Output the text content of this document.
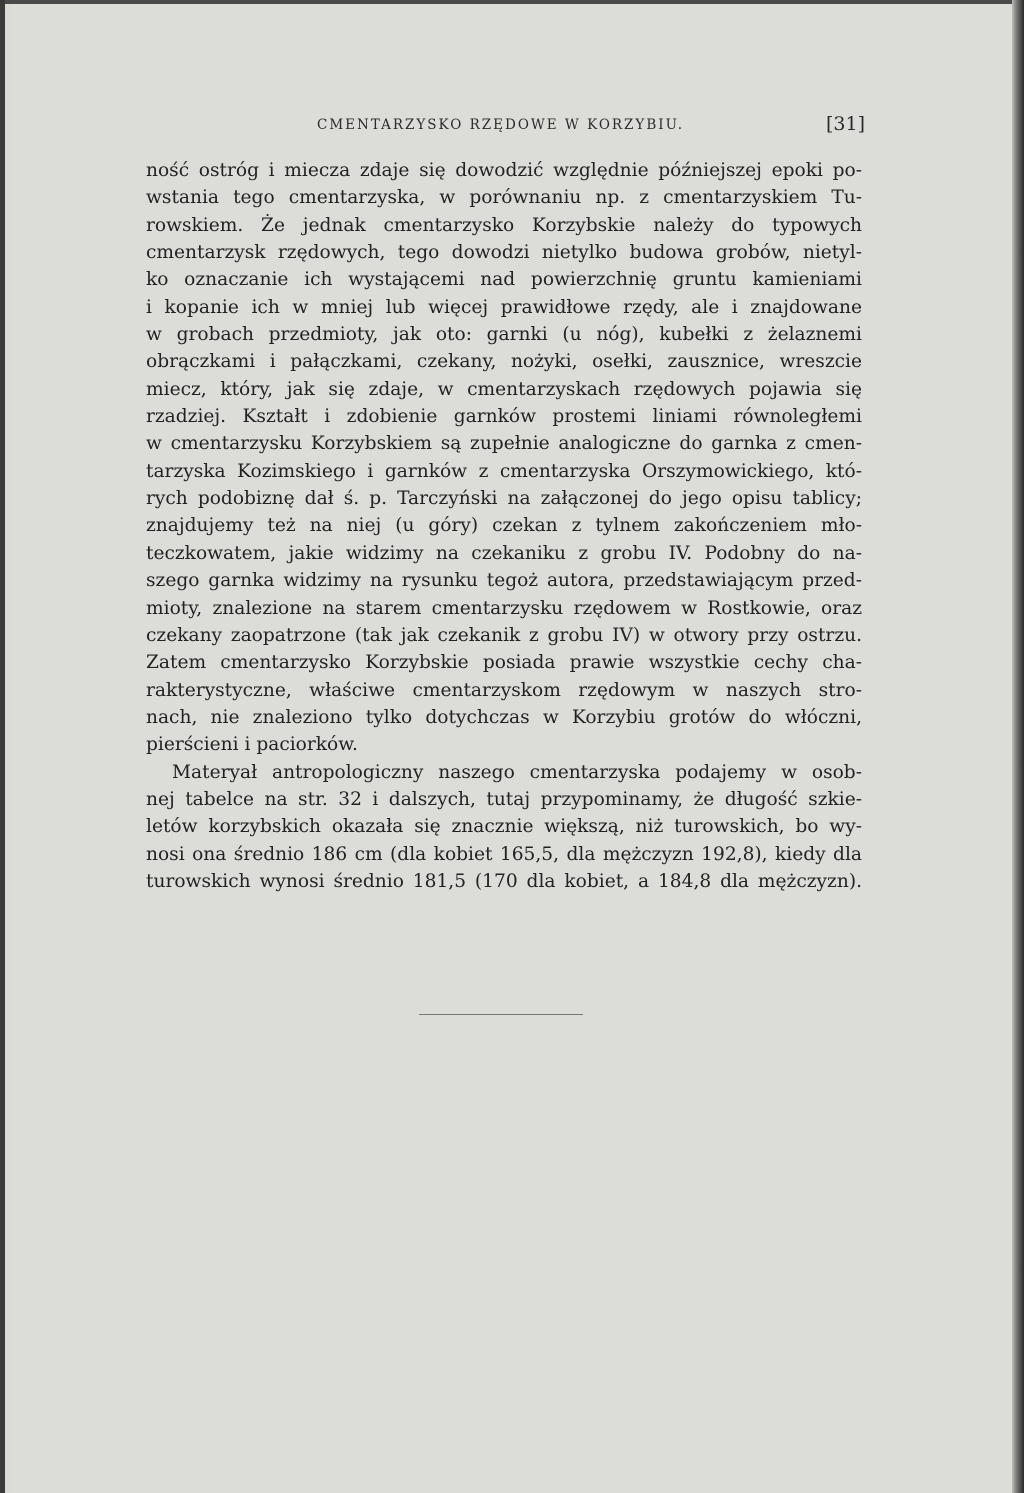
CMENTARZYSKO RZĘDOWE W KORZYBIU.	[31]
ność ostróg i miecza zdaje się dowodzić względnie późniejszej epoki po-
wstania tego cmentarzyska, w porównaniu np. z cmentarzyskiem Tu-
rowskiem. Że jednak cmentarzysko Korzybskie należy do typowych
cmentarzysk rzędowych, tego dowodzi nietylko budowa grobów, nietyl-
ko oznaczanie ich wystającemi nad powierzchnię gruntu kamieniami
i kopanie ich w mniej lub więcej prawidłowe rzędy, ale i znajdowane
w grobach przedmioty, jak oto: garnki (u nóg), kubełki z żelaznemi
obrączkami i pałączkami, czekany, nożyki, osełki, zausznice, wreszcie
miecz, który, jak się zdaje, w cmentarzyskach rzędowych pojawia się
rzadziej. Kształt i zdobienie garnków prostemi liniami równoległemi
w cmentarzysku Korzybskiem są zupełnie analogiczne do garnka z cmen-
tarzyska Kozimskiego i garnków z cmentarzyska Orszymowickiego, któ-
rych podobiznę dał ś. p. Tarczyński na załączonej do jego opisu tablicy;
znajdujemy też na niej (u góry) czekan z tylnem zakończeniem mło-
teczkowatem, jakie widzimy na czekaniku z grobu IV. Podobny do na-
szego garnka widzimy na rysunku tegoż autora, przedstawiającym przed-
mioty, znalezione na starem cmentarzysku rzędowem w Rostkowie, oraz
czekany zaopatrzone (tak jak czekanik z grobu IV) w otwory przy ostrzu.
Zatem cmentarzysko Korzybskie posiada prawie wszystkie cechy cha-
rakterystyczne, właściwe cmentarzyskom rzędowym w naszych stro-
nach, nie znaleziono tylko dotychczas w Korzybiu grotów do włóczni,
pierścieni i paciorków.
Materyał antropologiczny naszego cmentarzyska podajemy w osob-
nej tabelce na str. 32 i dalszych, tutaj przypominamy, że długość szkie-
letów korzybskich okazała się znacznie większą, niż turowskich, bo wy-
nosi ona średnio 186 cm (dla kobiet 165,5, dla mężczyzn 192,8), kiedy dla
turowskich wynosi średnio 181,5 (170 dla kobiet, a 184,8 dla mężczyzn).
